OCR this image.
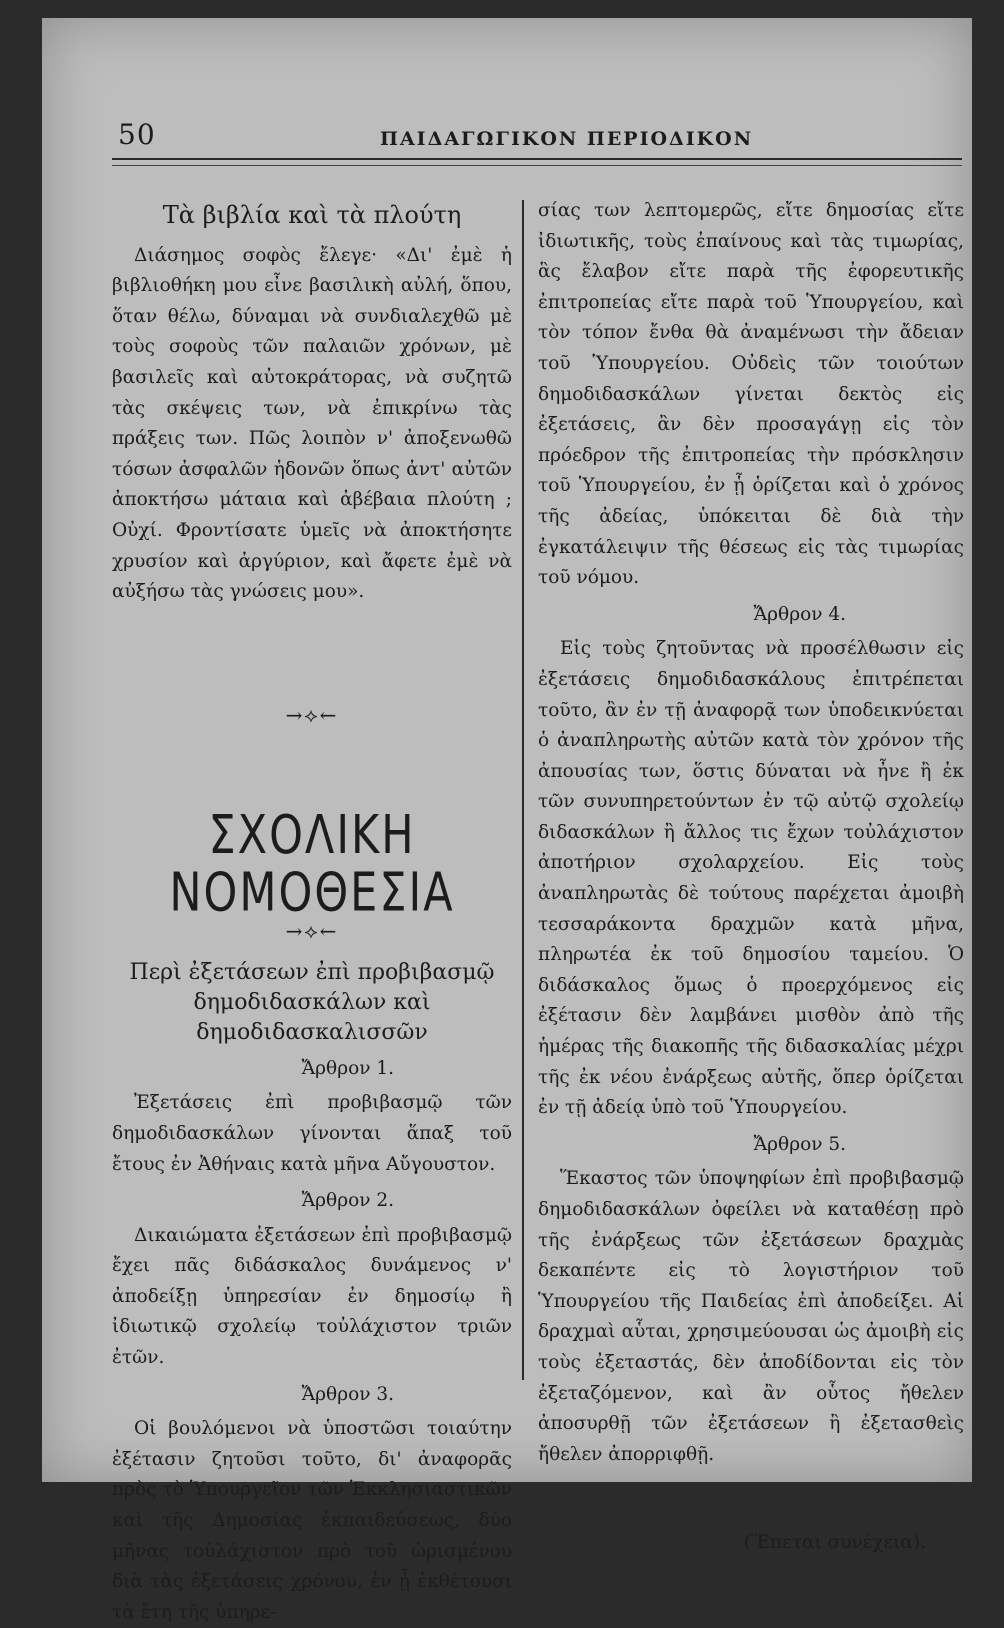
50	ΠΑΙΔΑΓΩΓΙΚΟΝ ΠΕΡΙΟΔΙΚΟΝ
Τὰ βιβλία καὶ τὰ πλούτη

Διάσημος σοφὸς ἔλεγε· «Δι' ἐμὲ ἡ βιβλιοθήκη μου εἶνε βασιλικὴ αὐλή, ὅπου, ὅταν θέλω, δύναμαι νὰ συνδιαλεχθῶ μὲ τοὺς σοφοὺς τῶν παλαιῶν χρόνων, μὲ βασιλεῖς καὶ αὐτοκράτορας, νὰ συζητῶ τὰς σκέψεις των, νὰ ἐπικρίνω τὰς πράξεις των. Πῶς λοιπὸν ν' ἀποξενωθῶ τόσων ἀσφαλῶν ἡδονῶν ὅπως ἀντ' αὐτῶν ἀποκτήσω μάταια καὶ ἀβέβαια πλούτη ; Οὐχί. Φροντίσατε ὑμεῖς νὰ ἀποκτήσητε χρυσίον καὶ ἀργύριον, καὶ ἄφετε ἐμὲ νὰ αὐξήσω τὰς γνώσεις μου».

→⟡←
ΣΧΟΛΙΚΗ ΝΟΜΟΘΕΣΙΑ
→⟡←
Περὶ ἐξετάσεων ἐπὶ προβιβασμῷ δημοδιδασκάλων καὶ δημοδιδασκαλισσῶν
Ἄρθρον 1.

Ἐξετάσεις ἐπὶ προβιβασμῷ τῶν δημοδιδασκάλων γίνονται ἅπαξ τοῦ ἔτους ἐν Ἀθήναις κατὰ μῆνα Αὔγουστον.

Ἄρθρον 2.

Δικαιώματα ἐξετάσεων ἐπὶ προβιβασμῷ ἔχει πᾶς διδάσκαλος δυνάμενος ν' ἀποδείξῃ ὑπηρεσίαν ἐν δημοσίῳ ἢ ἰδιωτικῷ σχολείῳ τοὐλάχιστον τριῶν ἐτῶν.

Ἄρθρον 3.

Οἱ βουλόμενοι νὰ ὑποστῶσι τοιαύτην ἐξέτασιν ζητοῦσι τοῦτο, δι' ἀναφορᾶς πρὸς τὸ Ὑπουργεῖον τῶν Ἐκκλησιαστικῶν καὶ τῆς Δημοσίας ἐκπαιδεύσεως, δύο μῆνας τοὐλάχιστον πρὸ τοῦ ὡρισμένου διὰ τὰς ἐξετάσεις χρόνου, ἐν ᾗ ἐκθέτουσι τὰ ἔτη τῆς ὑπηρε-

σίας των λεπτομερῶς, εἴτε δημοσίας εἴτε ἰδιωτικῆς, τοὺς ἐπαίνους καὶ τὰς τιμωρίας, ἃς ἔλαβον εἴτε παρὰ τῆς ἐφορευτικῆς ἐπιτροπείας εἴτε παρὰ τοῦ Ὑπουργείου, καὶ τὸν τόπον ἔνθα θὰ ἀναμένωσι τὴν ἄδειαν τοῦ Ὑπουργείου. Οὐδεὶς τῶν τοιούτων δημοδιδασκάλων γίνεται δεκτὸς εἰς ἐξετάσεις, ἂν δὲν προσαγάγῃ εἰς τὸν πρόεδρον τῆς ἐπιτροπείας τὴν πρόσκλησιν τοῦ Ὑπουργείου, ἐν ᾗ ὁρίζεται καὶ ὁ χρόνος τῆς ἀδείας, ὑπόκειται δὲ διὰ τὴν ἐγκατάλειψιν τῆς θέσεως εἰς τὰς τιμωρίας τοῦ νόμου.

Ἄρθρον 4.

Εἰς τοὺς ζητοῦντας νὰ προσέλθωσιν εἰς ἐξετάσεις δημοδιδασκάλους ἐπιτρέπεται τοῦτο, ἂν ἐν τῇ ἀναφορᾷ των ὑποδεικνύεται ὁ ἀναπληρωτὴς αὐτῶν κατὰ τὸν χρόνον τῆς ἀπουσίας των, ὅστις δύναται νὰ ἦνε ἢ ἐκ τῶν συνυπηρετούντων ἐν τῷ αὐτῷ σχολείῳ διδασκάλων ἢ ἄλλος τις ἔχων τοὐλάχιστον ἀποτήριον σχολαρχείου. Εἰς τοὺς ἀναπληρωτὰς δὲ τούτους παρέχεται ἀμοιβὴ τεσσαράκοντα δραχμῶν κατὰ μῆνα, πληρωτέα ἐκ τοῦ δημοσίου ταμείου. Ὁ διδάσκαλος ὅμως ὁ προερχόμενος εἰς ἐξέτασιν δὲν λαμβάνει μισθὸν ἀπὸ τῆς ἡμέρας τῆς διακοπῆς τῆς διδασκαλίας μέχρι τῆς ἐκ νέου ἐνάρξεως αὐτῆς, ὅπερ ὁρίζεται ἐν τῇ ἀδείᾳ ὑπὸ τοῦ Ὑπουργείου.

Ἄρθρον 5.

Ἕκαστος τῶν ὑποψηφίων ἐπὶ προβιβασμῷ δημοδιδασκάλων ὀφείλει νὰ καταθέσῃ πρὸ τῆς ἐνάρξεως τῶν ἐξετάσεων δραχμὰς δεκαπέντε εἰς τὸ λογιστήριον τοῦ Ὑπουργείου τῆς Παιδείας ἐπὶ ἀποδείξει. Αἱ δραχμαὶ αὗται, χρησιμεύουσαι ὡς ἀμοιβὴ εἰς τοὺς ἐξεταστάς, δὲν ἀποδίδονται εἰς τὸν ἐξεταζόμενον, καὶ ἂν οὗτος ἤθελεν ἀποσυρθῇ τῶν ἐξετάσεων ἢ ἐξετασθεὶς ἤθελεν ἀπορριφθῇ.

(Ἕπεται συνέχεια).
